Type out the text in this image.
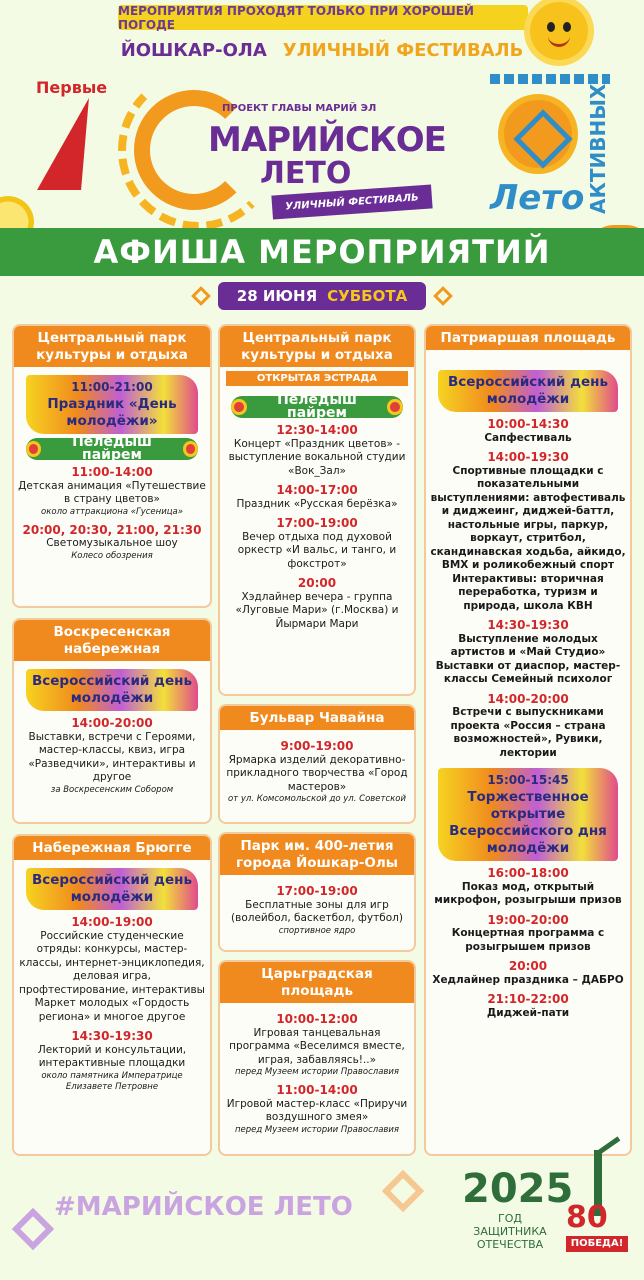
МЕРОПРИЯТИЯ ПРОХОДЯТ ТОЛЬКО ПРИ ХОРОШЕЙ ПОГОДЕ
ЙОШКАР-ОЛА УЛИЧНЫЙ ФЕСТИВАЛЬ
Первые
ПРОЕКТ ГЛАВЫ МАРИЙ ЭЛ
МАРИЙСКОЕ
ЛЕТО
УЛИЧНЫЙ ФЕСТИВАЛЬ	Лето АКТИВНЫХ
АФИША МЕРОПРИЯТИЙ
28 ИЮНЯ СУББОТА
Центральный парк культуры и отдыха
11:00-21:00
Праздник «День молодёжи»
Пеледыш пайрем
11:00-14:00
Детская анимация «Путешествие в страну цветов»
около аттракциона «Гусеница»
20:00, 20:30, 21:00, 21:30
Светомузыкальное шоу
Колесо обозрения
Воскресенская набережная
Всероссийский день молодёжи
14:00-20:00
Выставки, встречи с Героями, мастер-классы, квиз, игра «Разведчики», интерактивы и другое
за Воскресенским Собором
Набережная Брюгге
Всероссийский день молодёжи
14:00-19:00
Российские студенческие отряды: конкурсы, мастер-классы, интернет-энциклопедия, деловая игра, профтестирование, интерактивы Маркет молодых «Гордость региона» и многое другое
14:30-19:30
Лекторий и консультации, интерактивные площадки
около памятника Императрице Елизавете Петровне
Центральный парк культуры и отдыха
ОТКРЫТАЯ ЭСТРАДА
Пеледыш пайрем
12:30-14:00
Концерт «Праздник цветов» - выступление вокальной студии «Вок_Зал»
14:00-17:00
Праздник «Русская берёзка»
17:00-19:00
Вечер отдыха под духовой оркестр «И вальс, и танго, и фокстрот»
20:00
Хэдлайнер вечера - группа «Луговые Мари» (г.Москва) и Йырмари Мари
Бульвар Чавайна
9:00-19:00
Ярмарка изделий декоративно-прикладного творчества «Город мастеров»
от ул. Комсомольской до ул. Советской
Парк им. 400-летия города Йошкар-Олы
17:00-19:00
Бесплатные зоны для игр (волейбол, баскетбол, футбол)
спортивное ядро
Царьградская площадь
10:00-12:00
Игровая танцевальная программа «Веселимся вместе, играя, забавляясь!..»
перед Музеем истории Православия
11:00-14:00
Игровой мастер-класс «Приручи воздушного змея»
перед Музеем истории Православия
Патриаршая площадь
Всероссийский день молодёжи
10:00-14:30
Сапфестиваль
14:00-19:30
Спортивные площадки с показательными выступлениями: автофестиваль и диджеинг, диджей-баттл, настольные игры, паркур, воркаут, стритбол, скандинавская ходьба, айкидо, BMX и роликобежный спорт Интерактивы: вторичная переработка, туризм и природа, школа КВН
14:30-19:30
Выступление молодых артистов и «Май Студио» Выставки от диаспор, мастер-классы Семейный психолог
14:00-20:00
Встречи с выпускниками проекта «Россия – страна возможностей», Рувики, лектории
15:00-15:45
Торжественное открытие Всероссийского дня молодёжи
16:00-18:00
Показ мод, открытый микрофон, розыгрыши призов
19:00-20:00
Концертная программа с розыгрышем призов
20:00
Хедлайнер праздника – ДАБРО
21:10-22:00
Диджей-пати
#МАРИЙСКОЕ ЛЕТО	2025
ГОД ЗАЩИТНИКА ОТЕЧЕСТВА
80
ПОБЕДА!
